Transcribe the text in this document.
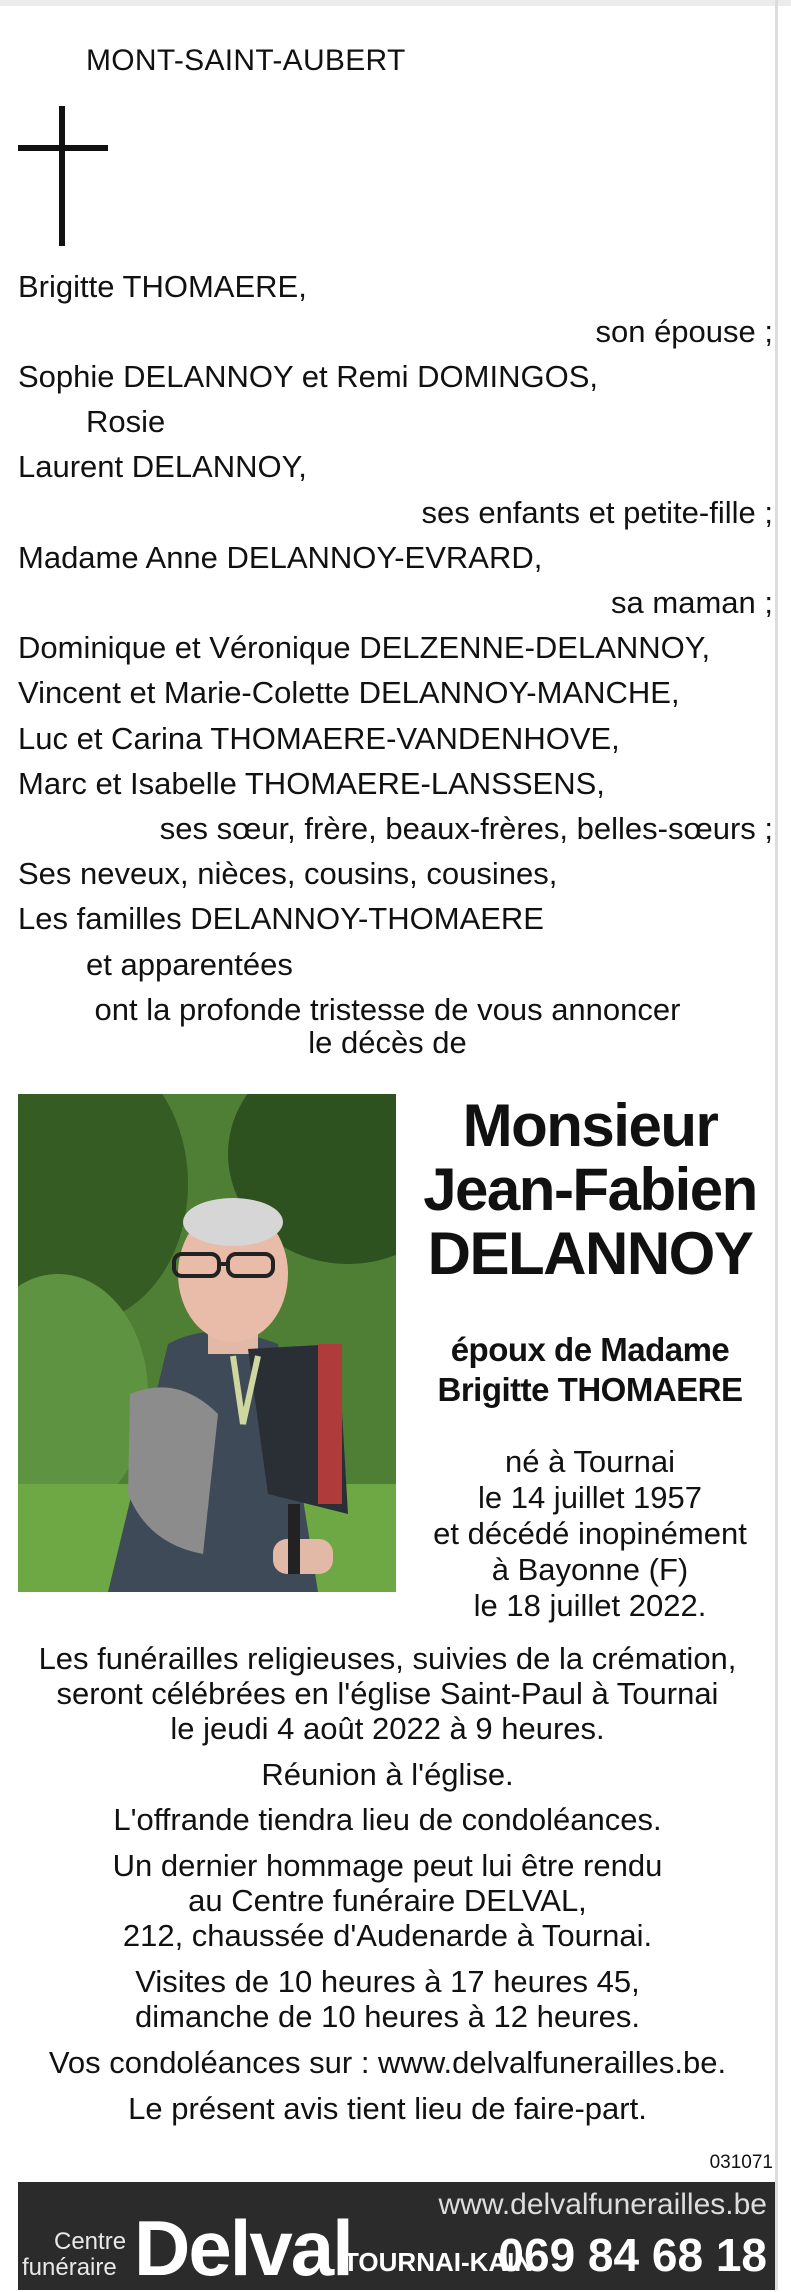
MONT-SAINT-AUBERT
Brigitte THOMAERE,
son épouse ;
Sophie DELANNOY et Remi DOMINGOS,
Rosie
Laurent DELANNOY,
ses enfants et petite-fille ;
Madame Anne DELANNOY-EVRARD,
sa maman ;
Dominique et Véronique DELZENNE-DELANNOY,
Vincent et Marie-Colette DELANNOY-MANCHE,
Luc et Carina THOMAERE-VANDENHOVE,
Marc et Isabelle THOMAERE-LANSSENS,
ses sœur, frère, beaux-frères, belles-sœurs ;
Ses neveux, nièces, cousins, cousines,
Les familles DELANNOY-THOMAERE
et apparentées
ont la profonde tristesse de vous annoncer
le décès de
Monsieur
Jean-Fabien
DELANNOY
époux de Madame
Brigitte THOMAERE
né à Tournai
le 14 juillet 1957
et décédé inopinément
à Bayonne (F)
le 18 juillet 2022.
Les funérailles religieuses, suivies de la crémation,
seront célébrées en l'église Saint-Paul à Tournai
le jeudi 4 août 2022 à 9 heures.
Réunion à l'église.
L'offrande tiendra lieu de condoléances.
Un dernier hommage peut lui être rendu
au Centre funéraire DELVAL,
212, chaussée d'Audenarde à Tournai.
Visites de 10 heures à 17 heures 45,
dimanche de 10 heures à 12 heures.
Vos condoléances sur : www.delvalfunerailles.be.
Le présent avis tient lieu de faire-part.
031071
Centre
funéraire Delval	www.delvalfunerailles.be
TOURNAI-KAIN
069 84 68 18
